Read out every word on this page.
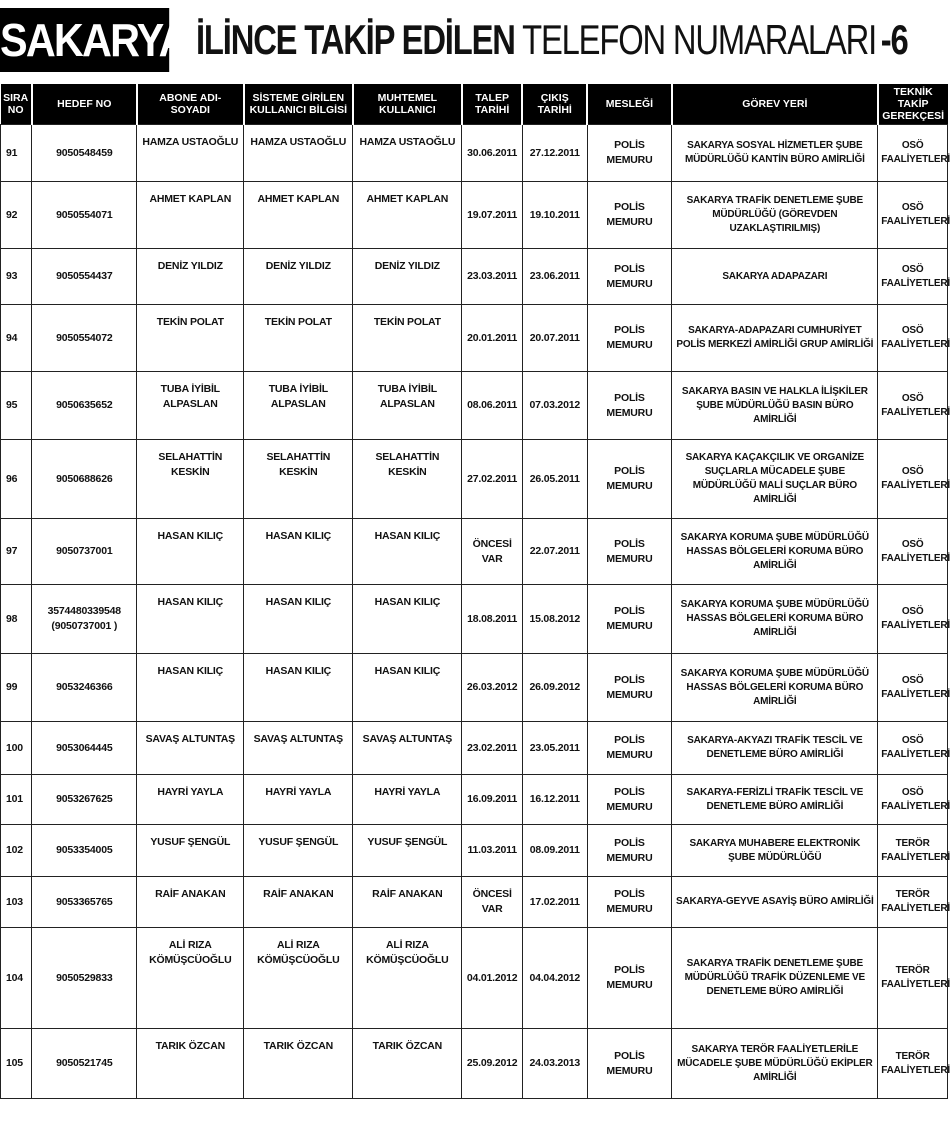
SAKARYA İLİNCE TAKİP EDİLEN TELEFON NUMARALARI -6
SIRA NO	HEDEF NO	ABONE ADI-SOYADI	SİSTEME GİRİLEN KULLANICI BİLGİSİ	MUHTEMEL KULLANICI	TALEP TARİHİ	ÇIKIŞ TARİHİ	MESLEĞİ	GÖREV YERİ	TEKNİK TAKİP GEREKÇESİ
91	9050548459	HAMZA USTAOĞLU	HAMZA USTAOĞLU	HAMZA USTAOĞLU	30.06.2011	27.12.2011	POLİS MEMURU	SAKARYA SOSYAL HİZMETLER ŞUBE MÜDÜRLÜĞÜ KANTİN BÜRO AMİRLİĞİ	OSÖ FAALİYETLERİ
92	9050554071	AHMET KAPLAN	AHMET KAPLAN	AHMET KAPLAN	19.07.2011	19.10.2011	POLİS MEMURU	SAKARYA TRAFİK DENETLEME ŞUBE MÜDÜRLÜĞÜ (GÖREVDEN UZAKLAŞTIRILMIŞ)	OSÖ FAALİYETLERİ
93	9050554437	DENİZ YILDIZ	DENİZ YILDIZ	DENİZ YILDIZ	23.03.2011	23.06.2011	POLİS MEMURU	SAKARYA ADAPAZARI	OSÖ FAALİYETLERİ
94	9050554072	TEKİN POLAT	TEKİN POLAT	TEKİN POLAT	20.01.2011	20.07.2011	POLİS MEMURU	SAKARYA-ADAPAZARI CUMHURİYET POLİS MERKEZİ AMİRLİĞİ GRUP AMİRLİĞİ	OSÖ FAALİYETLERİ
95	9050635652	TUBA İYİBİL ALPASLAN	TUBA İYİBİL ALPASLAN	TUBA İYİBİL ALPASLAN	08.06.2011	07.03.2012	POLİS MEMURU	SAKARYA BASIN VE HALKLA İLİŞKİLER ŞUBE MÜDÜRLÜĞÜ BASIN BÜRO AMİRLİĞİ	OSÖ FAALİYETLERİ
96	9050688626	SELAHATTİN KESKİN	SELAHATTİN KESKİN	SELAHATTİN KESKİN	27.02.2011	26.05.2011	POLİS MEMURU	SAKARYA KAÇAKÇILIK VE ORGANİZE SUÇLARLA MÜCADELE ŞUBE MÜDÜRLÜĞÜ MALİ SUÇLAR BÜRO AMİRLİĞİ	OSÖ FAALİYETLERİ
97	9050737001	HASAN KILIÇ	HASAN KILIÇ	HASAN KILIÇ	ÖNCESİ VAR	22.07.2011	POLİS MEMURU	SAKARYA KORUMA ŞUBE MÜDÜRLÜĞÜ HASSAS BÖLGELERİ KORUMA BÜRO AMİRLİĞİ	OSÖ FAALİYETLERİ
98	3574480339548 (9050737001 )	HASAN KILIÇ	HASAN KILIÇ	HASAN KILIÇ	18.08.2011	15.08.2012	POLİS MEMURU	SAKARYA KORUMA ŞUBE MÜDÜRLÜĞÜ HASSAS BÖLGELERİ KORUMA BÜRO AMİRLİĞİ	OSÖ FAALİYETLERİ
99	9053246366	HASAN KILIÇ	HASAN KILIÇ	HASAN KILIÇ	26.03.2012	26.09.2012	POLİS MEMURU	SAKARYA KORUMA ŞUBE MÜDÜRLÜĞÜ HASSAS BÖLGELERİ KORUMA BÜRO AMİRLİĞİ	OSÖ FAALİYETLERİ
100	9053064445	SAVAŞ ALTUNTAŞ	SAVAŞ ALTUNTAŞ	SAVAŞ ALTUNTAŞ	23.02.2011	23.05.2011	POLİS MEMURU	SAKARYA-AKYAZI TRAFİK TESCİL VE DENETLEME BÜRO AMİRLİĞİ	OSÖ FAALİYETLERİ
101	9053267625	HAYRİ YAYLA	HAYRİ YAYLA	HAYRİ YAYLA	16.09.2011	16.12.2011	POLİS MEMURU	SAKARYA-FERİZLİ TRAFİK TESCİL VE DENETLEME BÜRO AMİRLİĞİ	OSÖ FAALİYETLERİ
102	9053354005	YUSUF ŞENGÜL	YUSUF ŞENGÜL	YUSUF ŞENGÜL	11.03.2011	08.09.2011	POLİS MEMURU	SAKARYA MUHABERE ELEKTRONİK ŞUBE MÜDÜRLÜĞÜ	TERÖR FAALİYETLERİ
103	9053365765	RAİF ANAKAN	RAİF ANAKAN	RAİF ANAKAN	ÖNCESİ VAR	17.02.2011	POLİS MEMURU	SAKARYA-GEYVE ASAYİŞ BÜRO AMİRLİĞİ	TERÖR FAALİYETLERİ
104	9050529833	ALİ RIZA KÖMÜŞCÜOĞLU	ALİ RIZA KÖMÜŞCÜOĞLU	ALİ RIZA KÖMÜŞCÜOĞLU	04.01.2012	04.04.2012	POLİS MEMURU	SAKARYA TRAFİK DENETLEME ŞUBE MÜDÜRLÜĞÜ TRAFİK DÜZENLEME VE DENETLEME BÜRO AMİRLİĞİ	TERÖR FAALİYETLERİ
105	9050521745	TARIK ÖZCAN	TARIK ÖZCAN	TARIK ÖZCAN	25.09.2012	24.03.2013	POLİS MEMURU	SAKARYA TERÖR FAALİYETLERİLE MÜCADELE ŞUBE MÜDÜRLÜĞÜ EKİPLER AMİRLİĞİ	TERÖR FAALİYETLERİ
